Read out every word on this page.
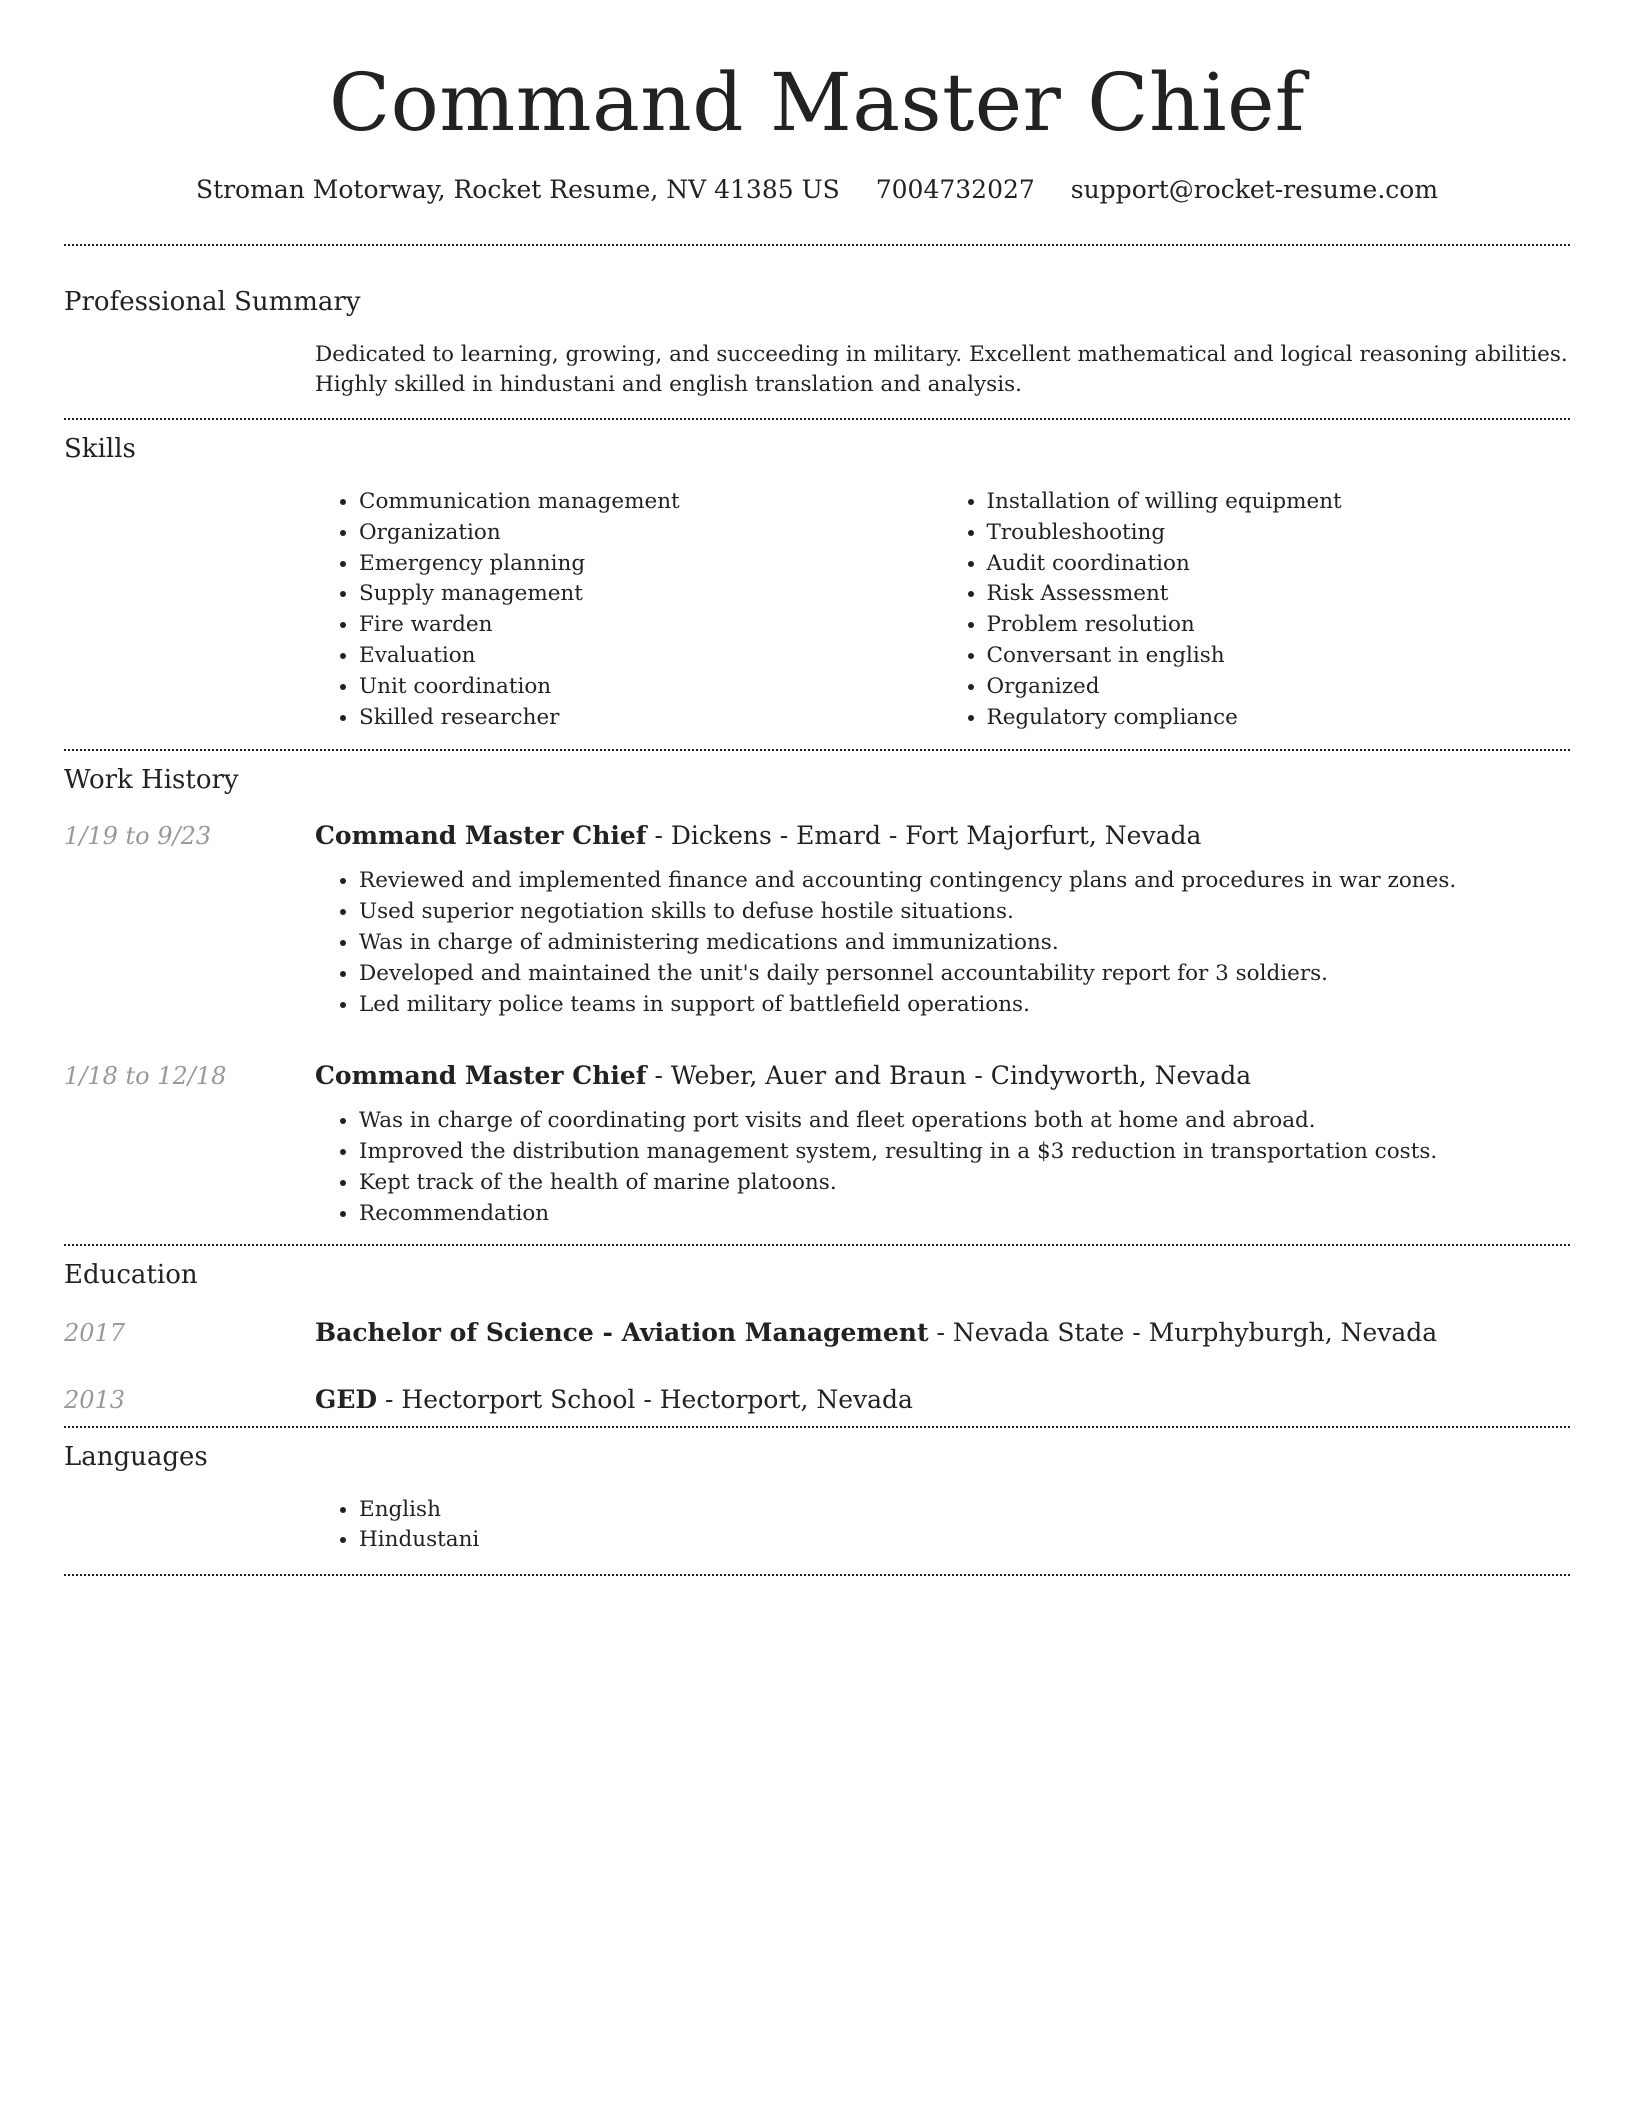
Command Master Chief
Stroman Motorway, Rocket Resume, NV 41385 US 7004732027 support@rocket-resume.com
Professional Summary

Dedicated to learning, growing, and succeeding in military. Excellent mathematical and logical reasoning abilities. Highly skilled in hindustani and english translation and analysis.

Skills
• Communication management
• Organization
• Emergency planning
• Supply management
• Fire warden
• Evaluation
• Unit coordination
• Skilled researcher
• Installation of willing equipment
• Troubleshooting
• Audit coordination
• Risk Assessment
• Problem resolution
• Conversant in english
• Organized
• Regulatory compliance
Work History
1/19 to 9/23	Command Master Chief - Dickens - Emard - Fort Majorfurt, Nevada
• Reviewed and implemented finance and accounting contingency plans and procedures in war zones.
• Used superior negotiation skills to defuse hostile situations.
• Was in charge of administering medications and immunizations.
• Developed and maintained the unit's daily personnel accountability report for 3 soldiers.
• Led military police teams in support of battlefield operations.
1/18 to 12/18	Command Master Chief - Weber, Auer and Braun - Cindyworth, Nevada
• Was in charge of coordinating port visits and fleet operations both at home and abroad.
• Improved the distribution management system, resulting in a $3 reduction in transportation costs.
• Kept track of the health of marine platoons.
• Recommendation
Education
2017	Bachelor of Science - Aviation Management - Nevada State - Murphyburgh, Nevada
2013	GED - Hectorport School - Hectorport, Nevada
Languages
• English
• Hindustani
